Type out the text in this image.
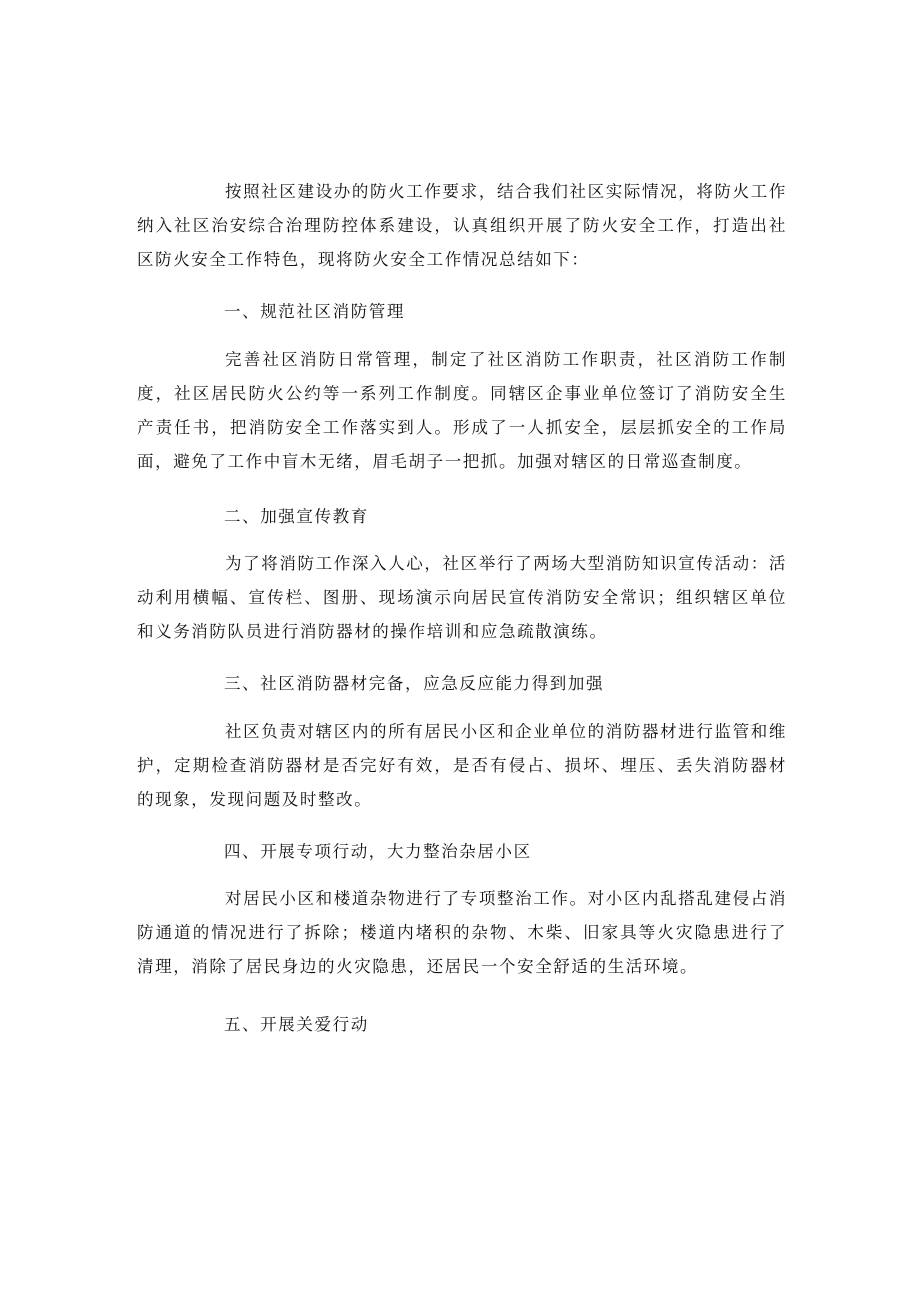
按照社区建设办的防火工作要求，结合我们社区实际情况，将防火工作纳入社区治安综合治理防控体系建设，认真组织开展了防火安全工作，打造出社区防火安全工作特色，现将防火安全工作情况总结如下：

一、规范社区消防管理

完善社区消防日常管理，制定了社区消防工作职责，社区消防工作制度，社区居民防火公约等一系列工作制度。同辖区企事业单位签订了消防安全生产责任书，把消防安全工作落实到人。形成了一人抓安全，层层抓安全的工作局面，避免了工作中盲木无绪，眉毛胡子一把抓。加强对辖区的日常巡查制度。

二、加强宣传教育

为了将消防工作深入人心，社区举行了两场大型消防知识宣传活动：活动利用横幅、宣传栏、图册、现场演示向居民宣传消防安全常识；组织辖区单位和义务消防队员进行消防器材的操作培训和应急疏散演练。

三、社区消防器材完备，应急反应能力得到加强

社区负责对辖区内的所有居民小区和企业单位的消防器材进行监管和维护，定期检查消防器材是否完好有效，是否有侵占、损坏、埋压、丢失消防器材的现象，发现问题及时整改。

四、开展专项行动，大力整治杂居小区

对居民小区和楼道杂物进行了专项整治工作。对小区内乱搭乱建侵占消防通道的情况进行了拆除；楼道内堵积的杂物、木柴、旧家具等火灾隐患进行了清理，消除了居民身边的火灾隐患，还居民一个安全舒适的生活环境。

五、开展关爱行动
